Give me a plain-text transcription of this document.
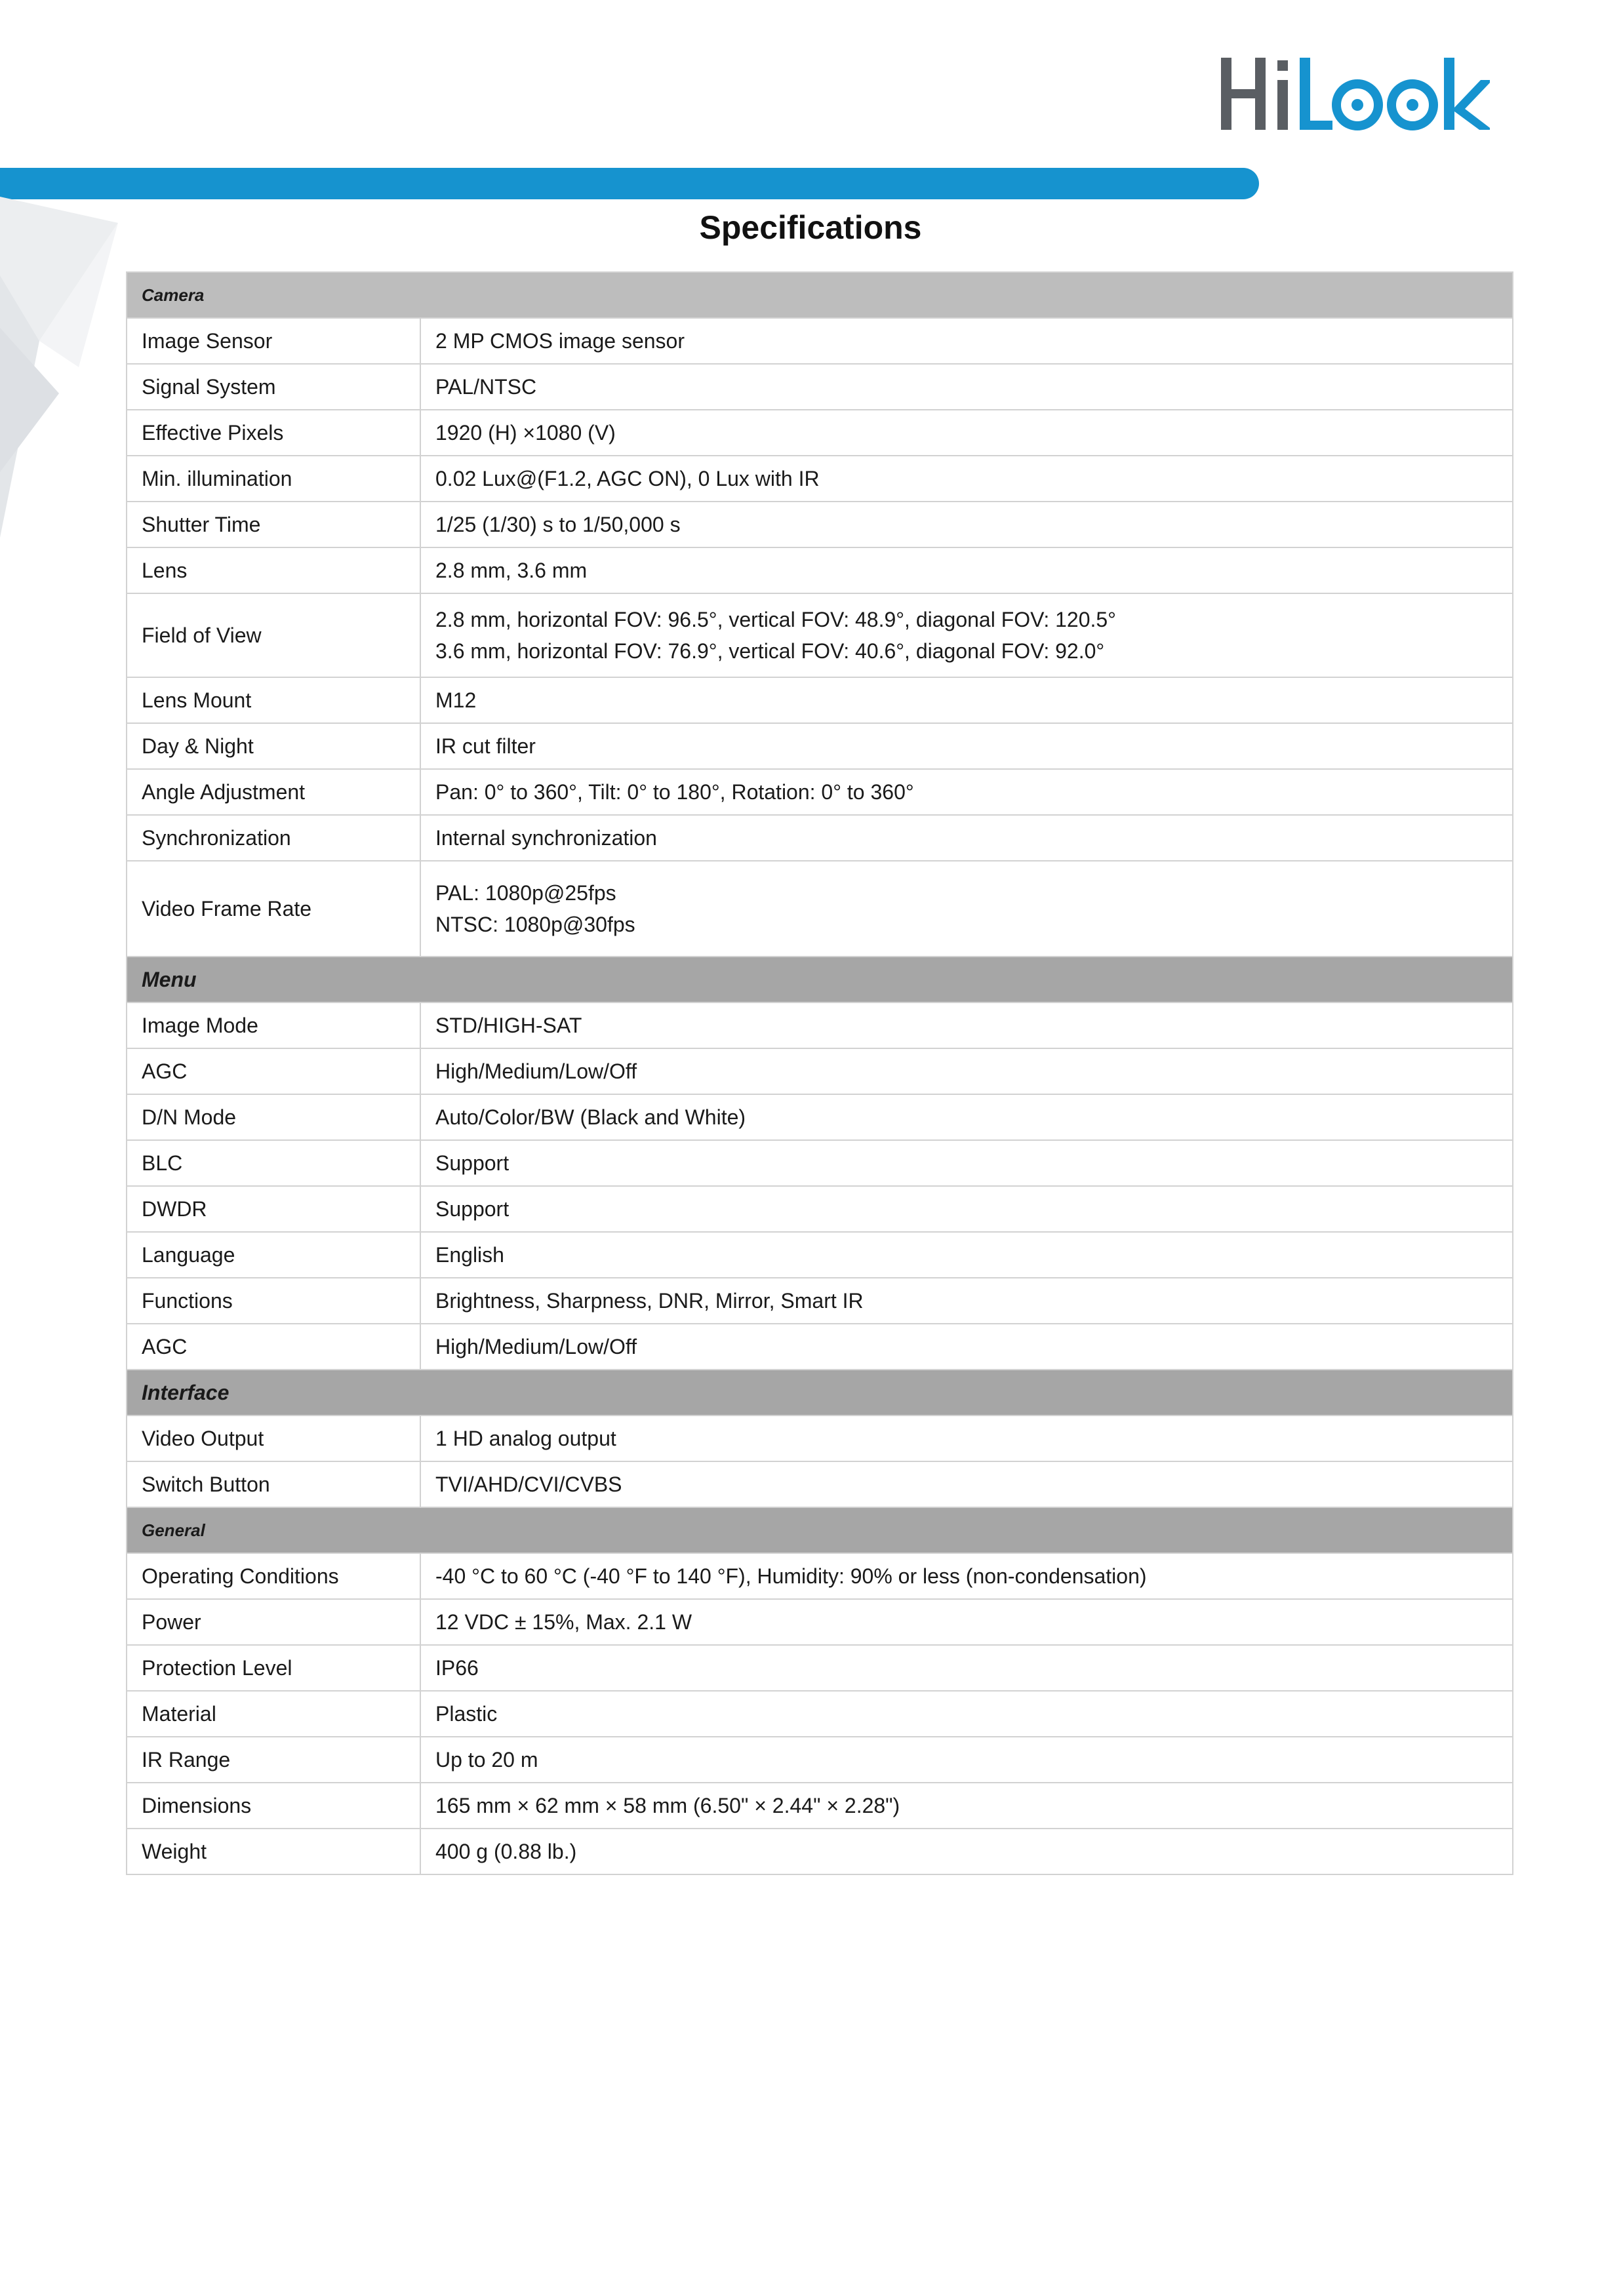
Specifications
Camera	
Image Sensor	2 MP CMOS image sensor
Signal System	PAL/NTSC
Effective Pixels	1920 (H) ×1080 (V)
Min. illumination	0.02 Lux@(F1.2, AGC ON), 0 Lux with IR
Shutter Time	1/25 (1/30) s to 1/50,000 s
Lens	2.8 mm, 3.6 mm
Field of View	2.8 mm, horizontal FOV: 96.5°, vertical FOV: 48.9°, diagonal FOV: 120.5°
3.6 mm, horizontal FOV: 76.9°, vertical FOV: 40.6°, diagonal FOV: 92.0°

Lens Mount	M12
Day & Night	IR cut filter
Angle Adjustment	Pan: 0° to 360°, Tilt: 0° to 180°, Rotation: 0° to 360°
Synchronization	Internal synchronization
Video Frame Rate	PAL: 1080p@25fps
NTSC: 1080p@30fps

Menu	
Image Mode	STD/HIGH-SAT
AGC	High/Medium/Low/Off
D/N Mode	Auto/Color/BW (Black and White)
BLC	Support
DWDR	Support
Language	English
Functions	Brightness, Sharpness, DNR, Mirror, Smart IR
AGC	High/Medium/Low/Off
Interface	
Video Output	1 HD analog output
Switch Button	TVI/AHD/CVI/CVBS
General	
Operating Conditions	-40 °C to 60 °C (-40 °F to 140 °F), Humidity: 90% or less (non-condensation)
Power	12 VDC ± 15%, Max. 2.1 W
Protection Level	IP66
Material	Plastic
IR Range	Up to 20 m
Dimensions	165 mm × 62 mm × 58 mm (6.50" × 2.44" × 2.28")
Weight	400 g (0.88 lb.)
